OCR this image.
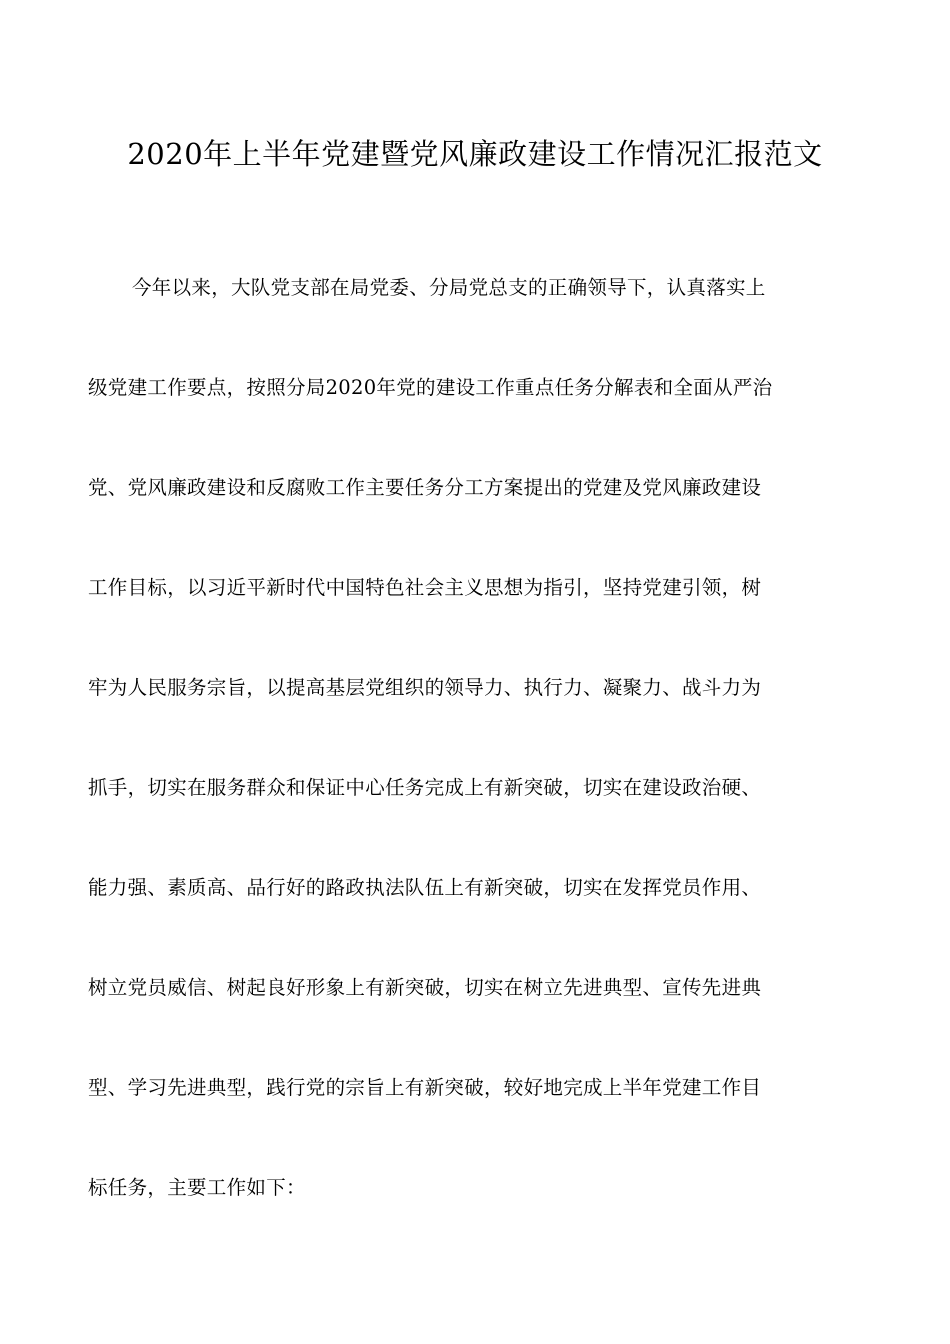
2020年上半年党建暨党风廉政建设工作情况汇报范文
今年以来，大队党支部在局党委、分局党总支的正确领导下，认真落实上
级党建工作要点，按照分局2020年党的建设工作重点任务分解表和全面从严治
党、党风廉政建设和反腐败工作主要任务分工方案提出的党建及党风廉政建设
工作目标，以习近平新时代中国特色社会主义思想为指引，坚持党建引领，树
牢为人民服务宗旨，以提高基层党组织的领导力、执行力、凝聚力、战斗力为
抓手，切实在服务群众和保证中心任务完成上有新突破，切实在建设政治硬、
能力强、素质高、品行好的路政执法队伍上有新突破，切实在发挥党员作用、
树立党员威信、树起良好形象上有新突破，切实在树立先进典型、宣传先进典
型、学习先进典型，践行党的宗旨上有新突破，较好地完成上半年党建工作目
标任务，主要工作如下：
